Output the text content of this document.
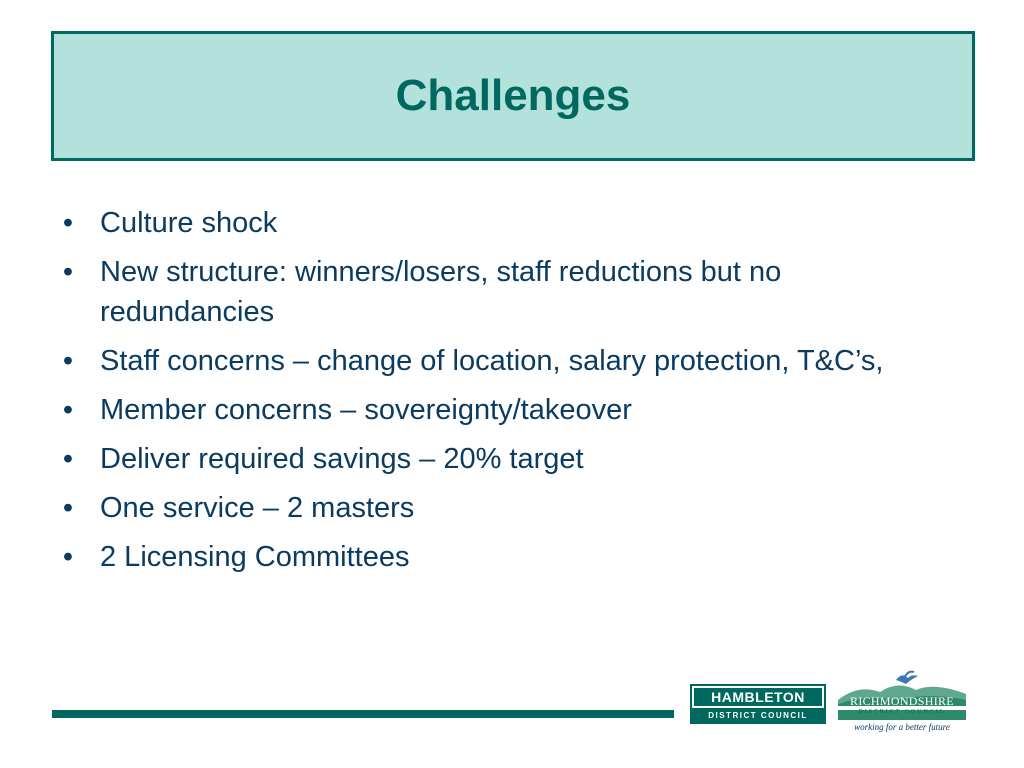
Challenges
• Culture shock
• New structure: winners/losers, staff reductions but no redundancies
• Staff concerns – change of location, salary protection, T&C’s,
• Member concerns – sovereignty/takeover
• Deliver required savings – 20% target
• One service – 2 masters
• 2 Licensing Committees
HAMBLETON
DISTRICT COUNCIL
RICHMONDSHIRE
DISTRICT COUNCIL
working for a better future
